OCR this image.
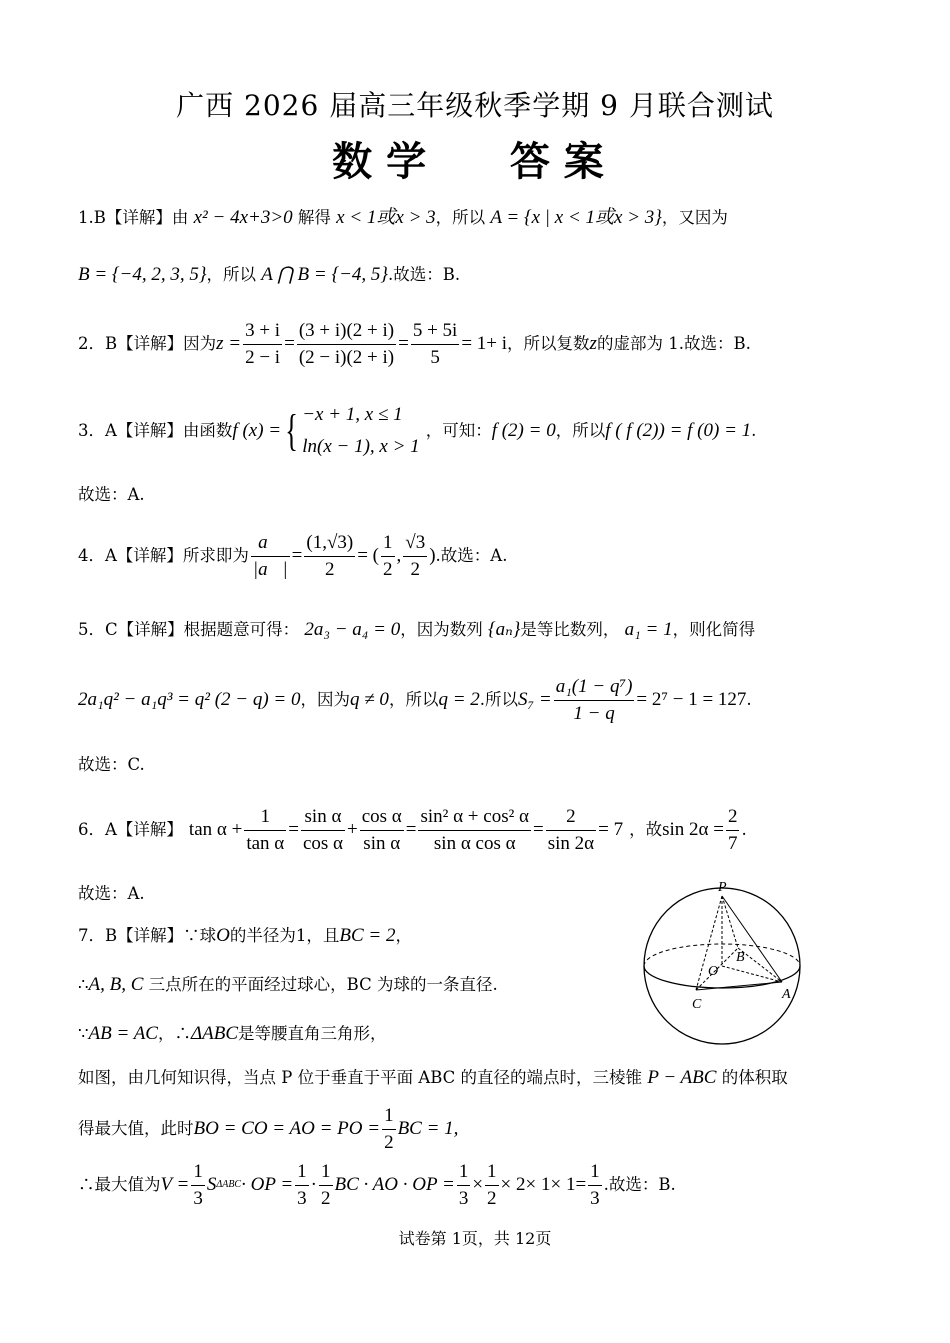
广西 2026 届高三年级秋季学期 9 月联合测试
数学 答案
1.B【详解】由 x² − 4x+3>0 解得 x < 1或x > 3，所以 A = {x | x < 1或x > 3}，又因为
B = {−4, 2, 3, 5}，所以 A ⋂ B = {−4, 5}.故选：B.
2．B【详解】因为 $z = \frac{3 + i}{2 - i} = \frac{(3 + i)(2 + i)}{(2 - i)(2 + i)} = \frac{5 + 5i}{5} = 1+ i$ ，所以复数 z 的虚部为 1.故选：B.
3．A【详解】由函数 f (x) = { −x + 1, x ≤ 1
ln(x − 1), x > 1
，可知： f (2) = 0 ，所以 f ( f (2)) = f (0) = 1 .
故选：A.
4．A【详解】所求即为 $\frac{a⃗}{|a⃗|} = \frac{(1,√3)}{2}$ = ( $\frac{1}{2}$ , $\frac{√3}{2}$ ) .故选：A.
5．C【详解】根据题意可得： 2a₃ − a₄ = 0，因为数列 {aₙ}是等比数列， a₁ = 1，则化简得
2a₁q² − a₁q³ = q² (2 − q) = 0 ，因为 q ≠ 0 ，所以 q = 2 .所以 $S_7 = \frac{\text{a₁(1 − q⁷)}}{1 - q} = 2^7 - 1 = 127$ .
故选：C.
6．A【详解】 $\tan \alpha + \frac{1}{\text{tan α}} = \frac{\text{sin α}}{\text{cos α}} + \frac{\text{cos α}}{\text{sin α}} = \frac{\text{sin² α + cos² α}}{\text{sin α cos α}} = \frac{2}{\sin 2\alpha} = 7$ ，故 $\sin 2\alpha = \frac{2}{7}$ .
故选：A.
7．B【详解】∵球O的半径为1，且BC = 2，
∴A, B, C 三点所在的平面经过球心，BC 为球的一条直径.
∵AB = AC，∴ΔABC是等腰直角三角形，
如图，由几何知识得，当点 P 位于垂直于平面 ABC 的直径的端点时，三棱锥 P − ABC 的体积取
得最大值，此时 BO = CO = AO = PO = $\frac{1}{2}$ BC = 1,
∴最大值为 $V = \frac{1}{3}$ S ΔABC · OP = $\frac{1}{3} \cdot \frac{1}{2}$ BC · AO · OP = $\frac{1}{3} \times \frac{1}{2} \times 2\times 1\times 1= \frac{1}{3}$ .故选：B.
P
B
O
C
A
试卷第 1页，共 12页
